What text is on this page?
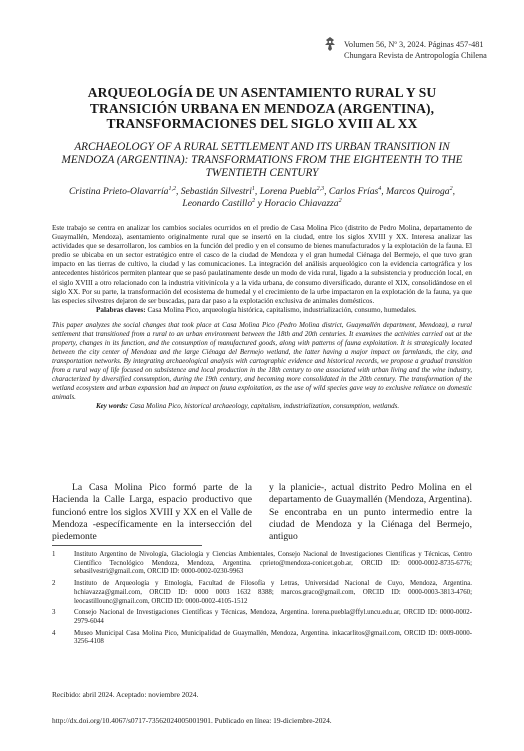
Volumen 56, Nº 3, 2024. Páginas 457-481
Chungara Revista de Antropología Chilena
ARQUEOLOGÍA DE UN ASENTAMIENTO RURAL Y SU TRANSICIÓN URBANA EN MENDOZA (ARGENTINA), TRANSFORMACIONES DEL SIGLO XVIII AL XX
ARCHAEOLOGY OF A RURAL SETTLEMENT AND ITS URBAN TRANSITION IN MENDOZA (ARGENTINA): TRANSFORMATIONS FROM THE EIGHTEENTH TO THE TWENTIETH CENTURY
Cristina Prieto-Olavarría$^{1,2}$, Sebastián Silvestri$^1$, Lorena Puebla$^{2,3}$, Carlos Frías$^4$, Marcos Quiroga$^2$,
Leonardo Castillo$^2$ y Horacio Chiavazza$^2$
Este trabajo se centra en analizar los cambios sociales ocurridos en el predio de Casa Molina Pico (distrito de Pedro Molina, departamento de Guaymallén, Mendoza), asentamiento originalmente rural que se insertó en la ciudad, entre los siglos XVIII y XX. Interesa analizar las actividades que se desarrollaron, los cambios en la función del predio y en el consumo de bienes manufacturados y la explotación de la fauna. El predio se ubicaba en un sector estratégico entre el casco de la ciudad de Mendoza y el gran humedal Ciénaga del Bermejo, el que tuvo gran impacto en las tierras de cultivo, la ciudad y las comunicaciones. La integración del análisis arqueológico con la evidencia cartográfica y los antecedentes históricos permiten plantear que se pasó paulatinamente desde un modo de vida rural, ligado a la subsistencia y producción local, en el siglo XVIII a otro relacionado con la industria vitivinícola y a la vida urbana, de consumo diversificado, durante el XIX, consolidándose en el siglo XX. Por su parte, la transformación del ecosistema de humedal y el crecimiento de la urbe impactaron en la explotación de la fauna, ya que las especies silvestres dejaron de ser buscadas, para dar paso a la explotación exclusiva de animales domésticos.
Palabras claves: Casa Molina Pico, arqueología histórica, capitalismo, industrialización, consumo, humedales.
This paper analyzes the social changes that took place at Casa Molina Pico (Pedro Molina district, Guaymallén department, Mendoza), a rural settlement that transitioned from a rural to an urban environment between the 18th and 20th centuries. It examines the activities carried out at the property, changes in its function, and the consumption of manufactured goods, along with patterns of fauna exploitation. It is strategically located between the city center of Mendoza and the large Ciénaga del Bermejo wetland, the latter having a major impact on farmlands, the city, and transportation networks. By integrating archaeological analysis with cartographic evidence and historical records, we propose a gradual transition from a rural way of life focused on subsistence and local production in the 18th century to one associated with urban living and the wine industry, characterized by diversified consumption, during the 19th century, and becoming more consolidated in the 20th century. The transformation of the wetland ecosystem and urban expansion had an impact on fauna exploitation, as the use of wild species gave way to exclusive reliance on domestic animals.
Key words: Casa Molina Pico, historical archaeology, capitalism, industrialization, consumption, wetlands.
La Casa Molina Pico formó parte de la Hacienda la Calle Larga, espacio productivo que funcionó entre los siglos XVIII y XX en el Valle de Mendoza -específicamente en la intersección del piedemonte
y la planicie-, actual distrito Pedro Molina en el departamento de Guaymallén (Mendoza, Argentina). Se encontraba en un punto intermedio entre la ciudad de Mendoza y la Ciénaga del Bermejo, antiguo
1	Instituto Argentino de Nivología, Glaciología y Ciencias Ambientales, Consejo Nacional de Investigaciones Científicas y Técnicas, Centro Científico Tecnológico Mendoza, Mendoza, Argentina. cprieto@mendoza-conicet.gob.ar, ORCID ID: 0000-0002-8735-6776; sebasilvestri@gmail.com, ORCID ID: 0000-0002-0230-9963
2	Instituto de Arqueología y Etnología, Facultad de Filosofía y Letras, Universidad Nacional de Cuyo, Mendoza, Argentina. hchiavazza@gmail.com, ORCID ID: 0000 0003 1632 8388; marcos.graco@gmail.com, ORCID ID: 0000-0003-3813-4760; leocastillounc@gmail.com, ORCID ID: 0000-0002-4105-1512
3	Consejo Nacional de Investigaciones Científicas y Técnicas, Mendoza, Argentina. lorena.puebla@ffyl.uncu.edu.ar, ORCID ID: 0000-0002-2979-6044
4	Museo Municipal Casa Molina Pico, Municipalidad de Guaymallén, Mendoza, Argentina. inkacarlitos@gmail.com, ORCID ID: 0009-0000-3256-4108
Recibido: abril 2024. Aceptado: noviembre 2024.
http://dx.doi.org/10.4067/s0717-73562024005001901. Publicado en línea: 19-diciembre-2024.
